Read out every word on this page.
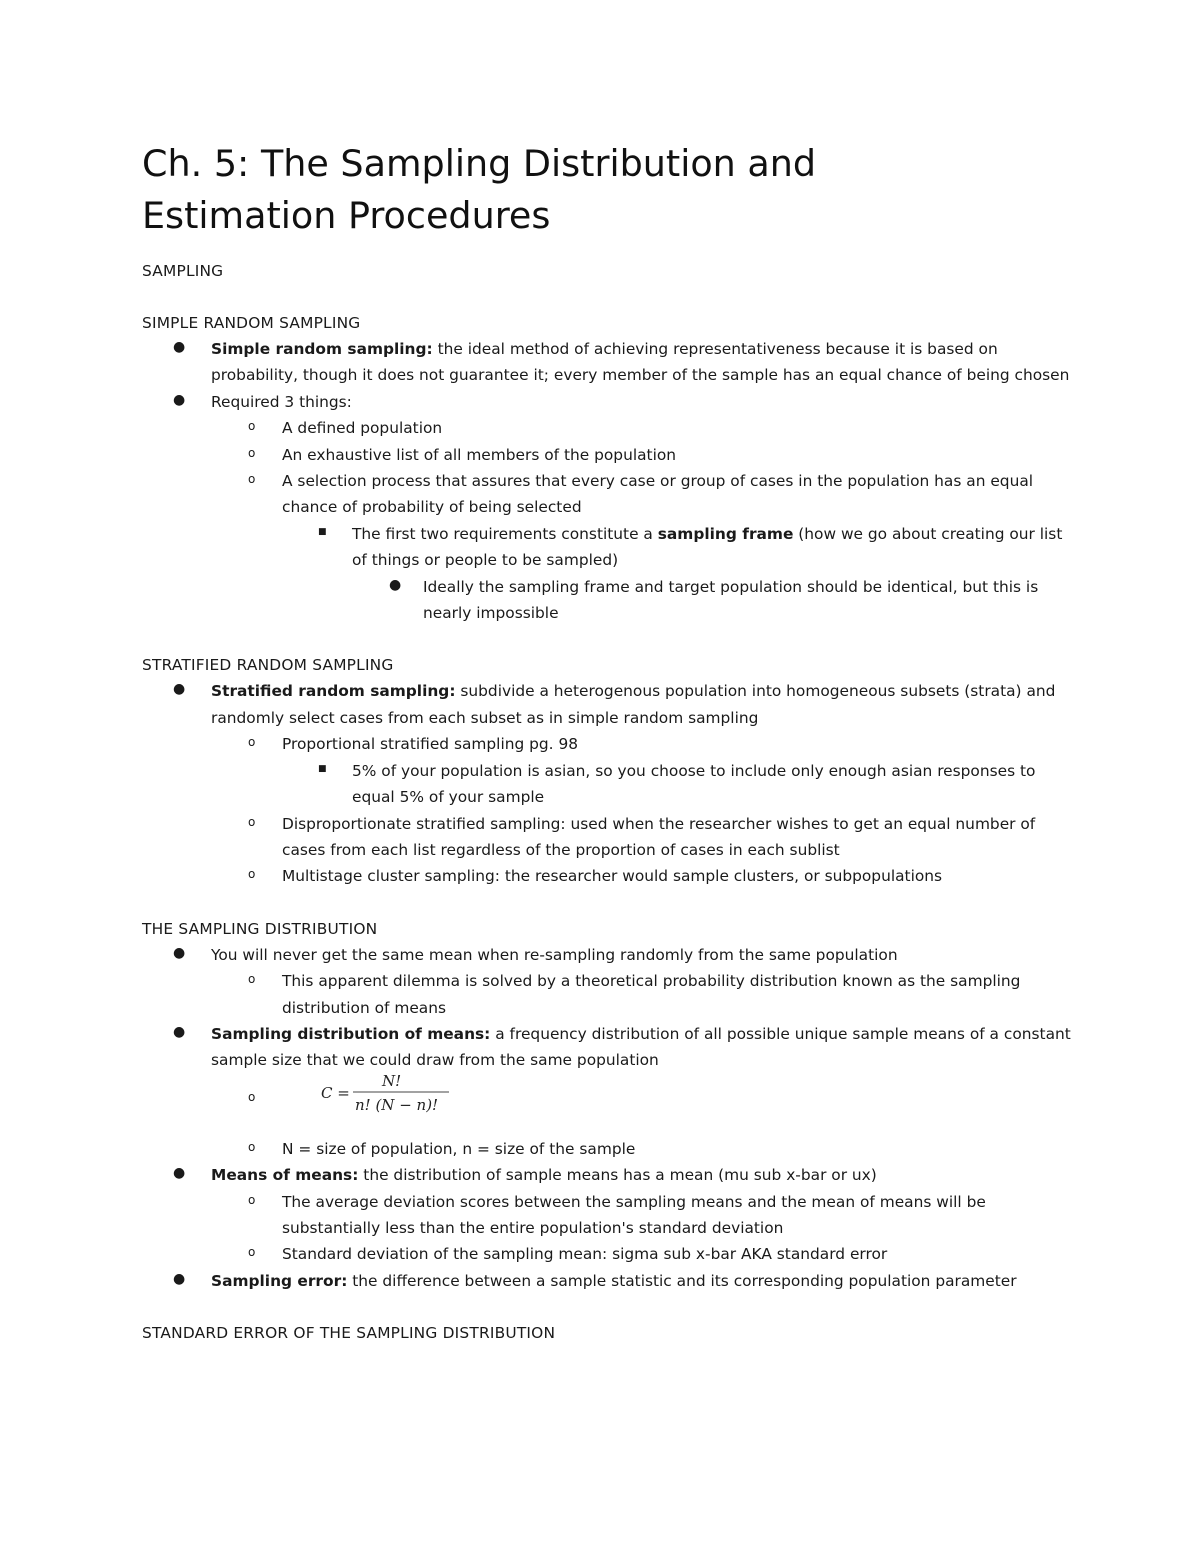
Ch. 5: The Sampling Distribution and
Estimation Procedures

SAMPLING

SIMPLE RANDOM SAMPLING

● Simple random sampling: the ideal method of achieving representativeness because it is based on probability, though it does not guarantee it; every member of the sample has an equal chance of being chosen
● Required 3 things:
o A defined population
o An exhaustive list of all members of the population
o A selection process that assures that every case or group of cases in the population has an equal chance of probability of being selected
■ The first two requirements constitute a sampling frame (how we go about creating our list of things or people to be sampled)
● Ideally the sampling frame and target population should be identical, but this is nearly impossible

STRATIFIED RANDOM SAMPLING

● Stratified random sampling: subdivide a heterogenous population into homogeneous subsets (strata) and randomly select cases from each subset as in simple random sampling
o Proportional stratified sampling pg. 98
■ 5% of your population is asian, so you choose to include only enough asian responses to equal 5% of your sample
o Disproportionate stratified sampling: used when the researcher wishes to get an equal number of cases from each list regardless of the proportion of cases in each sublist
o Multistage cluster sampling: the researcher would sample clusters, or subpopulations

THE SAMPLING DISTRIBUTION

● You will never get the same mean when re-sampling randomly from the same population
o This apparent dilemma is solved by a theoretical probability distribution known as the sampling distribution of means
● Sampling distribution of means: a frequency distribution of all possible unique sample means of a constant sample size that we could draw from the same population
o	C =
N!
n! (N − n)!
o N = size of population, n = size of the sample
● Means of means: the distribution of sample means has a mean (mu sub x-bar or ux)
o The average deviation scores between the sampling means and the mean of means will be substantially less than the entire population's standard deviation
o Standard deviation of the sampling mean: sigma sub x-bar AKA standard error
● Sampling error: the difference between a sample statistic and its corresponding population parameter

STANDARD ERROR OF THE SAMPLING DISTRIBUTION
